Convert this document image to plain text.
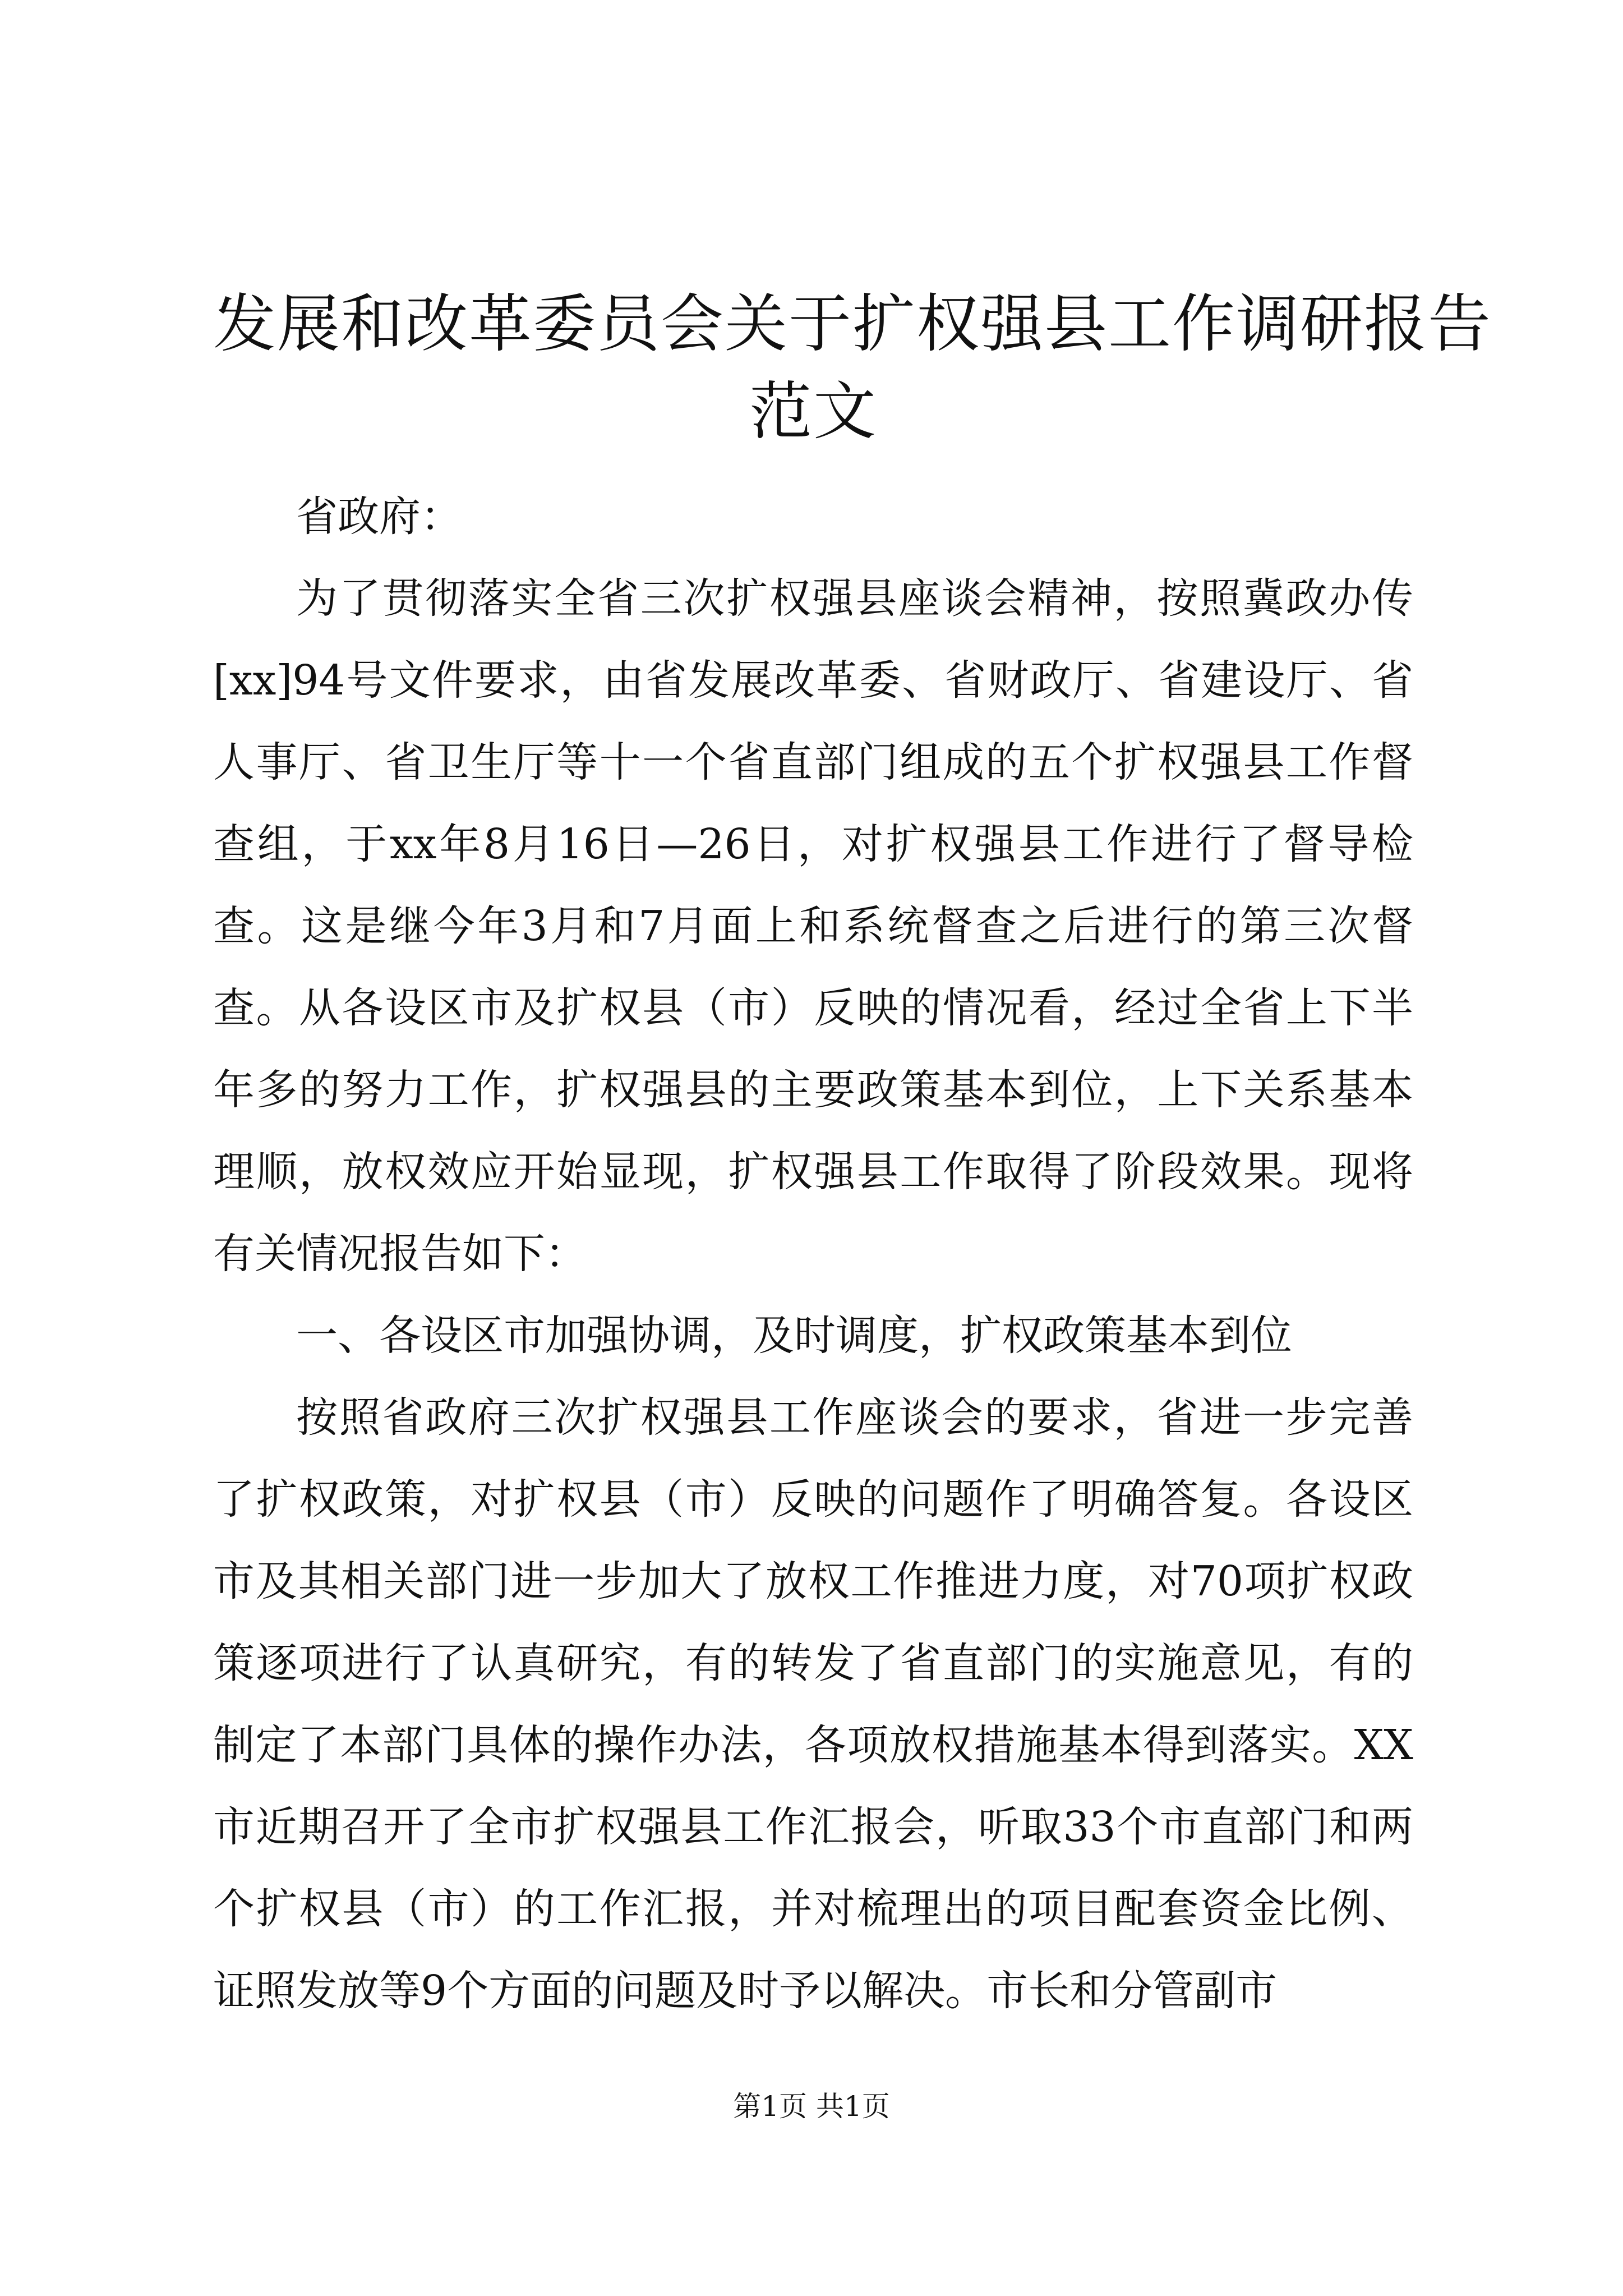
发展和改革委员会关于扩权强县工作调研报告
范文

省政府：

为了贯彻落实全省三次扩权强县座谈会精神，按照冀政办传[xx]94号文件要求，由省发展改革委、省财政厅、省建设厅、省人事厅、省卫生厅等十一个省直部门组成的五个扩权强县工作督查组，于xx年8月16日—26日，对扩权强县工作进行了督导检查。这是继今年3月和7月面上和系统督查之后进行的第三次督查。从各设区市及扩权县（市）反映的情况看，经过全省上下半年多的努力工作，扩权强县的主要政策基本到位，上下关系基本理顺，放权效应开始显现，扩权强县工作取得了阶段效果。现将有关情况报告如下：

一、各设区市加强协调，及时调度，扩权政策基本到位

按照省政府三次扩权强县工作座谈会的要求，省进一步完善了扩权政策，对扩权县（市）反映的问题作了明确答复。各设区市及其相关部门进一步加大了放权工作推进力度，对70项扩权政策逐项进行了认真研究，有的转发了省直部门的实施意见，有的制定了本部门具体的操作办法，各项放权措施基本得到落实。XX市近期召开了全市扩权强县工作汇报会，听取33个市直部门和两个扩权县（市）的工作汇报，并对梳理出的项目配套资金比例、证照发放等9个方面的问题及时予以解决。市长和分管副市

第1页 共1页
